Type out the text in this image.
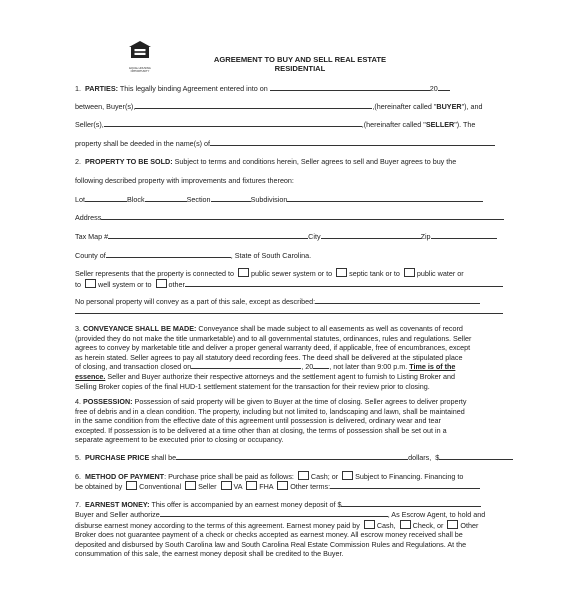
EQUAL HOUSING OPPORTUNITY
AGREEMENT TO BUY AND SELL REAL ESTATE
RESIDENTIAL
1. PARTIES: This legally binding Agreement entered into on	20
between, Buyer(s),	,(hereinafter called "BUYER"), and
Seller(s),	,(hereinafter called "SELLER"). The
property shall be deeded in the name(s) of
2. PROPERTY TO BE SOLD: Subject to terms and conditions herein, Seller agrees to sell and Buyer agrees to buy the
following described property with improvements and fixtures thereon:
Lot	Block	Section	Subdivision
Address
Tax Map #	City	Zip
County of	, State of South Carolina.
Seller represents that the property is connected to public sewer system or to septic tank or to public water or
to well system or to other
No personal property will convey as a part of this sale, except as described:
3. CONVEYANCE SHALL BE MADE: Conveyance shall be made subject to all easements as well as covenants of record
(provided they do not make the title unmarketable) and to all governmental statutes, ordinances, rules and regulations. Seller
agrees to convey by marketable title and deliver a proper general warranty deed, if applicable, free of encumbrances, except
as herein stated. Seller agrees to pay all statutory deed recording fees. The deed shall be delivered at the stipulated place
of closing, and transaction closed on	, 20 , not later than 9:00 p.m. Time is of the
essence. Seller and Buyer authorize their respective attorneys and the settlement agent to furnish to Listing Broker and
Selling Broker copies of the final HUD-1 settlement statement for the transaction for their review prior to closing.
4. POSSESSION: Possession of said property will be given to Buyer at the time of closing. Seller agrees to deliver property
free of debris and in a clean condition. The property, including but not limited to, landscaping and lawn, shall be maintained
in the same condition from the effective date of this agreement until possession is delivered, ordinary wear and tear
excepted. If possession is to be delivered at a time other than at closing, the terms of possession shall be set out in a
separate agreement to be executed prior to closing or occupancy.
5. PURCHASE PRICE shall be	dollars, $
6. METHOD OF PAYMENT: Purchase price shall be paid as follows: Cash; or Subject to Financing. Financing to
be obtained by Conventional Seller VA FHA Other terms:
7. EARNEST MONEY: This offer is accompanied by an earnest money deposit of $
Buyer and Seller authorize	, As Escrow Agent, to hold and
disburse earnest money according to the terms of this agreement. Earnest money paid by Cash, Check, or Other
Broker does not guarantee payment of a check or checks accepted as earnest money. All escrow money received shall be
deposited and disbursed by South Carolina law and South Carolina Real Estate Commission Rules and Regulations. At the
consummation of this sale, the earnest money deposit shall be credited to the Buyer.
